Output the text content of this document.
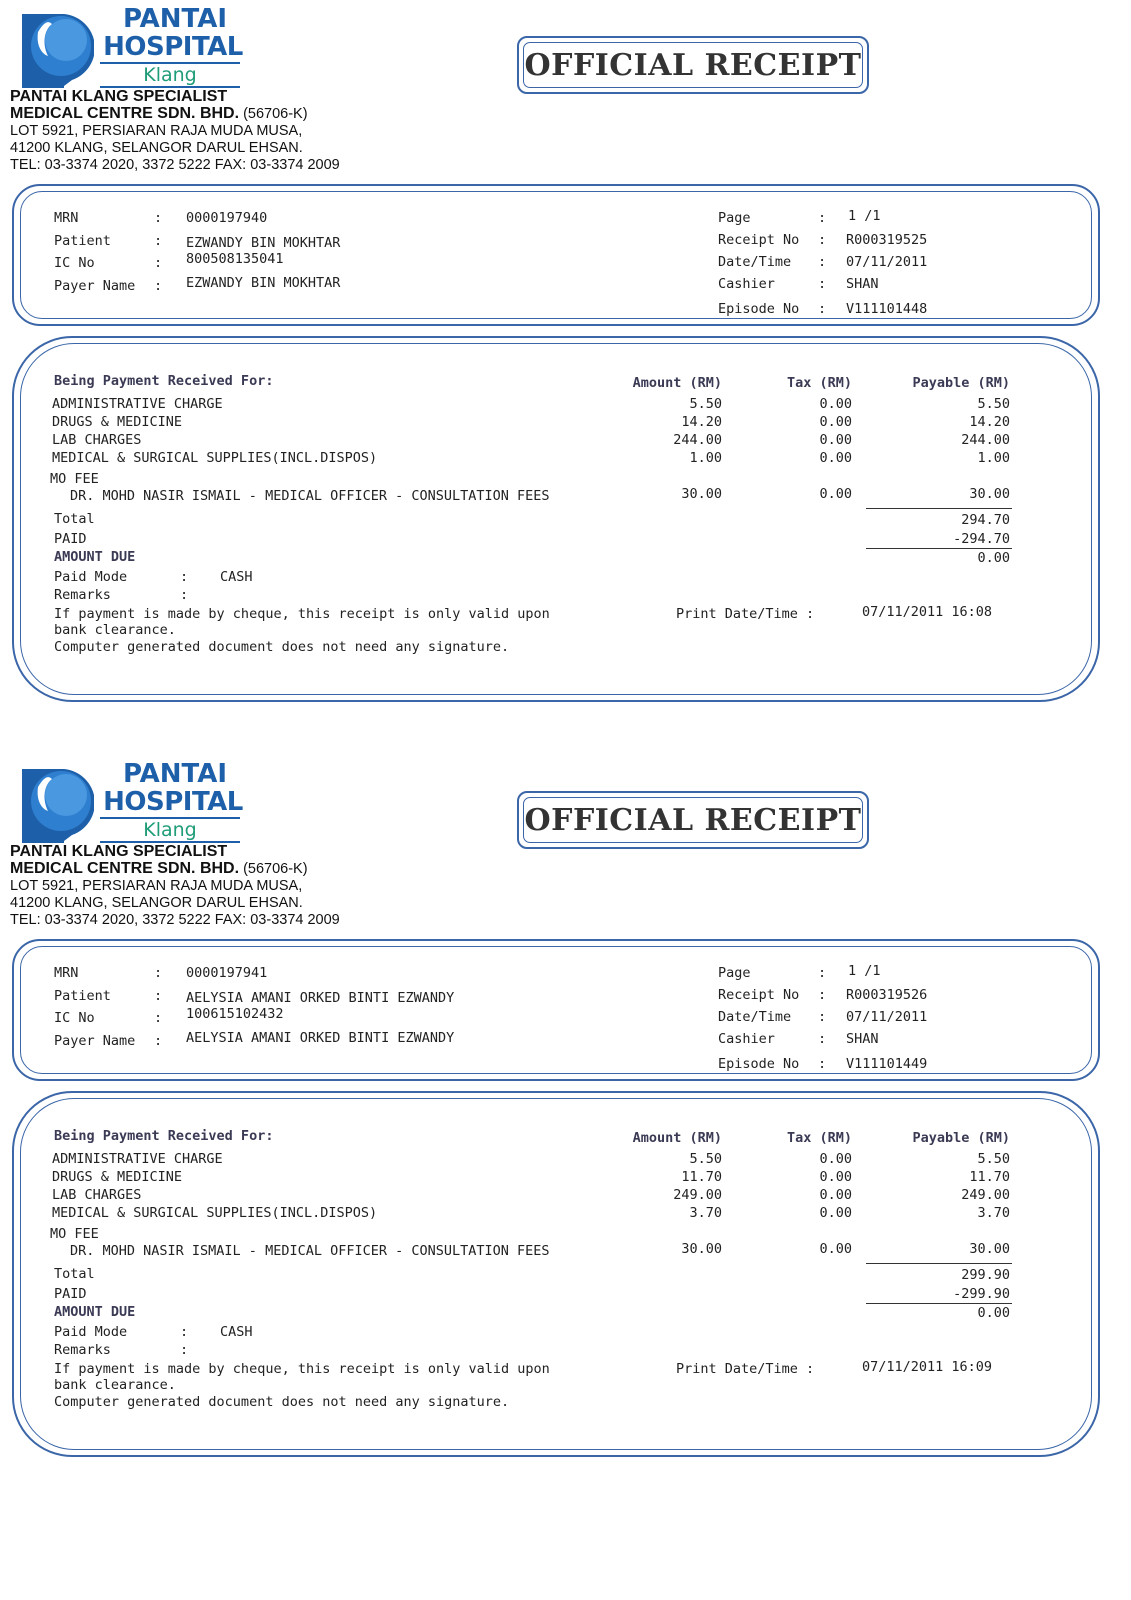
PANTAI
HOSPITAL
Klang
PANTAI KLANG SPECIALIST
MEDICAL CENTRE SDN. BHD. (56706-K)
LOT 5921, PERSIARAN RAJA MUDA MUSA,
41200 KLANG, SELANGOR DARUL EHSAN.
TEL: 03-3374 2020, 3372 5222 FAX: 03-3374 2009
OFFICIAL RECEIPT
MRN	: 0000197940
Patient	: EZWANDY BIN MOKHTAR
IC No	: 800508135041
Payer Name : EZWANDY BIN MOKHTAR
Page	: 1 /1
Receipt No : R000319525
Date/Time : 07/11/2011
Cashier	: SHAN
Episode No : V111101448
Being Payment Received For:	Amount (RM)	Tax (RM)	Payable (RM)
ADMINISTRATIVE CHARGE	5.50	0.00	5.50
DRUGS & MEDICINE	14.20	0.00	14.20
LAB CHARGES	244.00	0.00	244.00
MEDICAL & SURGICAL SUPPLIES(INCL.DISPOS)	1.00	0.00	1.00
MO FEE
DR. MOHD NASIR ISMAIL - MEDICAL OFFICER - CONSULTATION FEES	30.00	0.00	30.00
Total	294.70
PAID	-294.70
AMOUNT DUE	0.00
Paid Mode	: CASH
Remarks	:
If payment is made by cheque, this receipt is only valid upon
bank clearance.
Computer generated document does not need any signature.
Print Date/Time :	07/11/2011 16:08
PANTAI
HOSPITAL
Klang
PANTAI KLANG SPECIALIST
MEDICAL CENTRE SDN. BHD. (56706-K)
LOT 5921, PERSIARAN RAJA MUDA MUSA,
41200 KLANG, SELANGOR DARUL EHSAN.
TEL: 03-3374 2020, 3372 5222 FAX: 03-3374 2009
OFFICIAL RECEIPT
MRN	: 0000197941
Patient	: AELYSIA AMANI ORKED BINTI EZWANDY
IC No	: 100615102432
Payer Name : AELYSIA AMANI ORKED BINTI EZWANDY
Page	: 1 /1
Receipt No : R000319526
Date/Time : 07/11/2011
Cashier	: SHAN
Episode No : V111101449
Being Payment Received For:	Amount (RM)	Tax (RM)	Payable (RM)
ADMINISTRATIVE CHARGE	5.50	0.00	5.50
DRUGS & MEDICINE	11.70	0.00	11.70
LAB CHARGES	249.00	0.00	249.00
MEDICAL & SURGICAL SUPPLIES(INCL.DISPOS)	3.70	0.00	3.70
MO FEE
DR. MOHD NASIR ISMAIL - MEDICAL OFFICER - CONSULTATION FEES	30.00	0.00	30.00
Total	299.90
PAID	-299.90
AMOUNT DUE	0.00
Paid Mode	: CASH
Remarks	:
If payment is made by cheque, this receipt is only valid upon
bank clearance.
Computer generated document does not need any signature.
Print Date/Time :	07/11/2011 16:09
